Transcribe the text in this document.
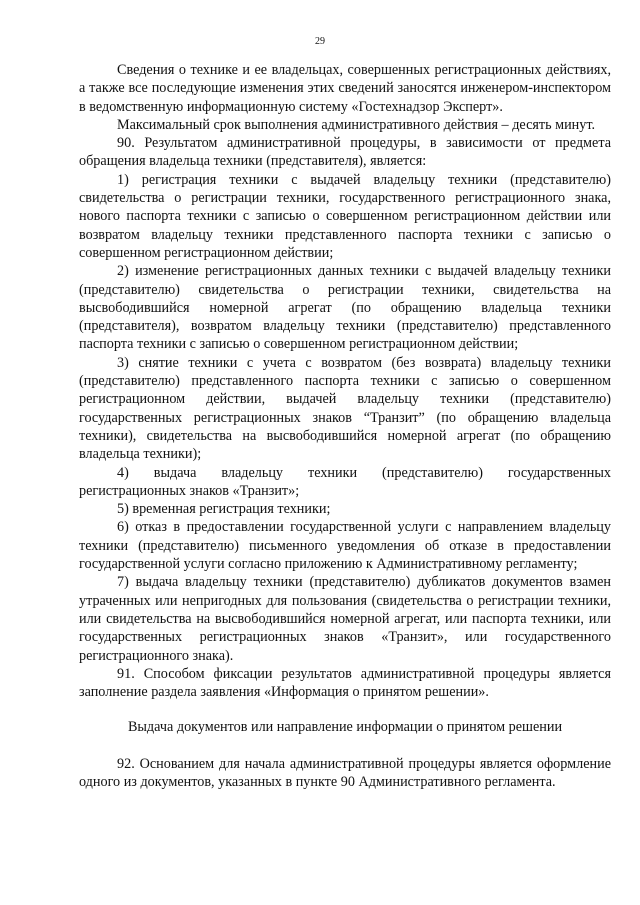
29

Сведения о технике и ее владельцах, совершенных регистрационных действиях, а также все последующие изменения этих сведений заносятся инженером-инспектором в ведомственную информационную систему «Гостехнадзор Эксперт».

Максимальный срок выполнения административного действия – десять минут.

90. Результатом административной процедуры, в зависимости от предмета обращения владельца техники (представителя), является:

1) регистрация техники с выдачей владельцу техники (представителю) свидетельства о регистрации техники, государственного регистрационного знака, нового паспорта техники с записью о совершенном регистрационном действии или возвратом владельцу техники представленного паспорта техники с записью о совершенном регистрационном действии;

2) изменение регистрационных данных техники с выдачей владельцу техники (представителю) свидетельства о регистрации техники, свидетельства на высвободившийся номерной агрегат (по обращению владельца техники (представителя), возвратом владельцу техники (представителю) представленного паспорта техники с записью о совершенном регистрационном действии;

3) снятие техники с учета с возвратом (без возврата) владельцу техники (представителю) представленного паспорта техники с записью о совершенном регистрационном действии, выдачей владельцу техники (представителю) государственных регистрационных знаков “Транзит” (по обращению владельца техники), свидетельства на высвободившийся номерной агрегат (по обращению владельца техники);

4) выдача владельцу техники (представителю) государственных регистрационных знаков «Транзит»;

5) временная регистрация техники;

6) отказ в предоставлении государственной услуги с направлением владельцу техники (представителю) письменного уведомления об отказе в предоставлении государственной услуги согласно приложению к Административному регламенту;

7) выдача владельцу техники (представителю) дубликатов документов взамен утраченных или непригодных для пользования (свидетельства о регистрации техники, или свидетельства на высвободившийся номерной агрегат, или паспорта техники, или государственных регистрационных знаков «Транзит», или государственного регистрационного знака).

91. Способом фиксации результатов административной процедуры является заполнение раздела заявления «Информация о принятом решении».

Выдача документов или направление информации о принятом решении

92. Основанием для начала административной процедуры является оформление одного из документов, указанных в пункте 90 Административного регламента.
